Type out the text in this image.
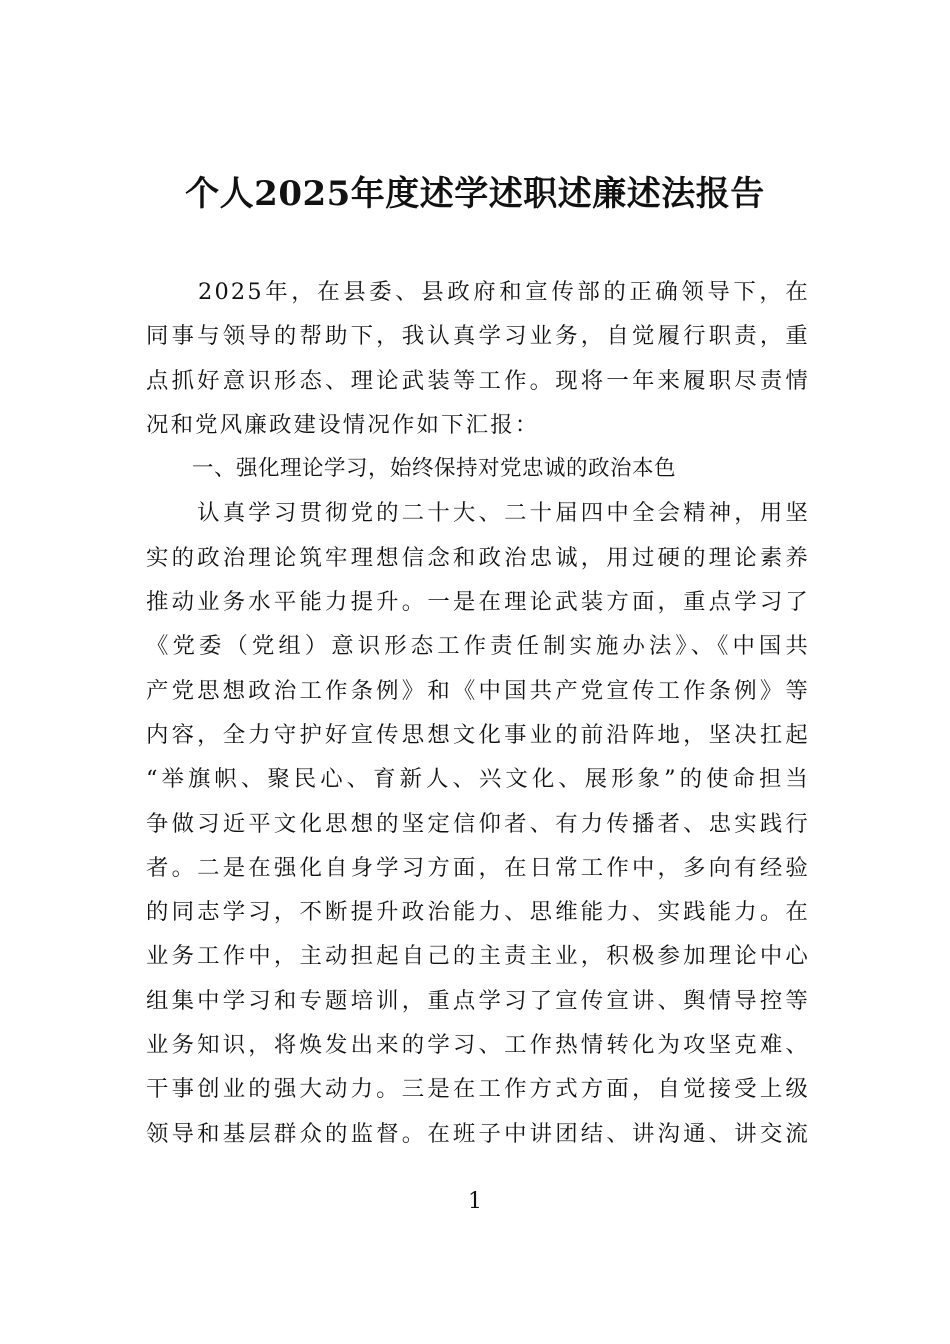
个人2025年度述学述职述廉述法报告
　　2025年，在县委、县政府和宣传部的正确领导下，在
同事与领导的帮助下，我认真学习业务，自觉履行职责，重
点抓好意识形态、理论武装等工作。现将一年来履职尽责情
况和党风廉政建设情况作如下汇报：
一、强化理论学习，始终保持对党忠诚的政治本色
　　认真学习贯彻党的二十大、二十届四中全会精神，用坚
实的政治理论筑牢理想信念和政治忠诚，用过硬的理论素养
推动业务水平能力提升。一是在理论武装方面，重点学习了
《党委（党组）意识形态工作责任制实施办法》、《中国共
产党思想政治工作条例》和《中国共产党宣传工作条例》等
内容，全力守护好宣传思想文化事业的前沿阵地，坚决扛起
“举旗帜、聚民心、育新人、兴文化、展形象”的使命担当
争做习近平文化思想的坚定信仰者、有力传播者、忠实践行
者。二是在强化自身学习方面，在日常工作中，多向有经验
的同志学习，不断提升政治能力、思维能力、实践能力。在
业务工作中，主动担起自己的主责主业，积极参加理论中心
组集中学习和专题培训，重点学习了宣传宣讲、舆情导控等
业务知识，将焕发出来的学习、工作热情转化为攻坚克难、
干事创业的强大动力。三是在工作方式方面，自觉接受上级
领导和基层群众的监督。在班子中讲团结、讲沟通、讲交流
1
